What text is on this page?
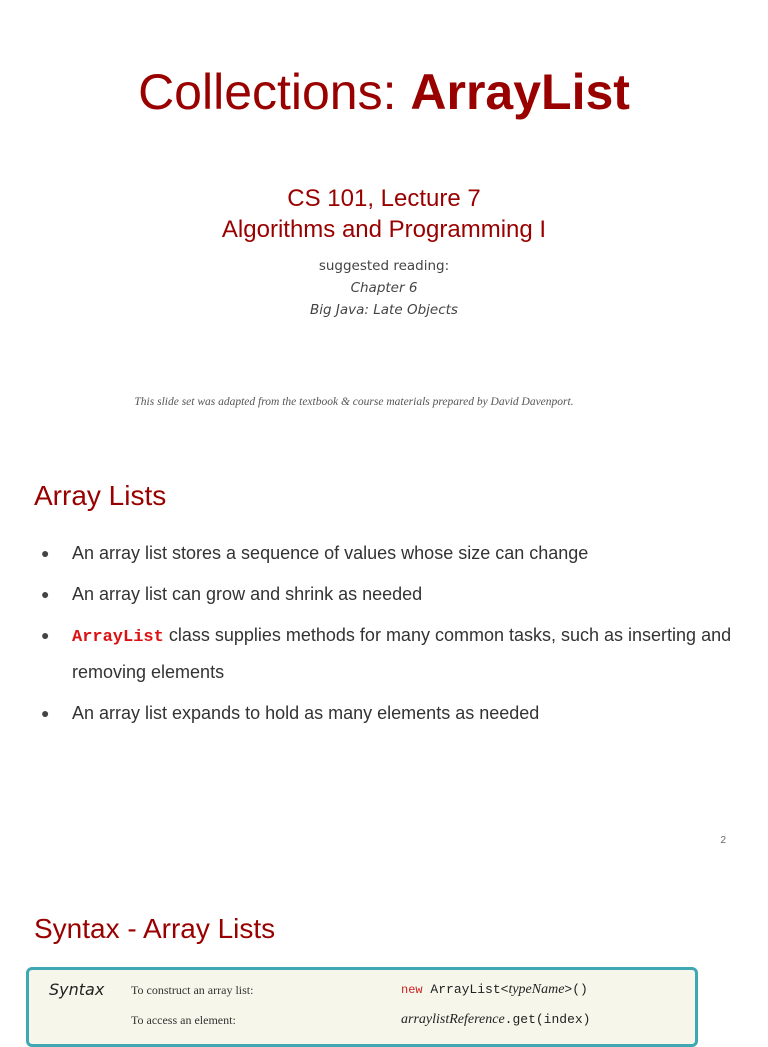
Collections: ArrayList
CS 101, Lecture 7
Algorithms and Programming I
suggested reading:
Chapter 6
Big Java: Late Objects
This slide set was adapted from the textbook & course materials prepared by David Davenport.
Array Lists
● An array list stores a sequence of values whose size can change
● An array list can grow and shrink as needed
● ArrayList class supplies methods for many common tasks, such as inserting and removing elements
● An array list expands to hold as many elements as needed
2
Syntax - Array Lists
Syntax To construct an array list:	new ArrayList<typeName>()
To access an element:	arraylistReference.get(index)
